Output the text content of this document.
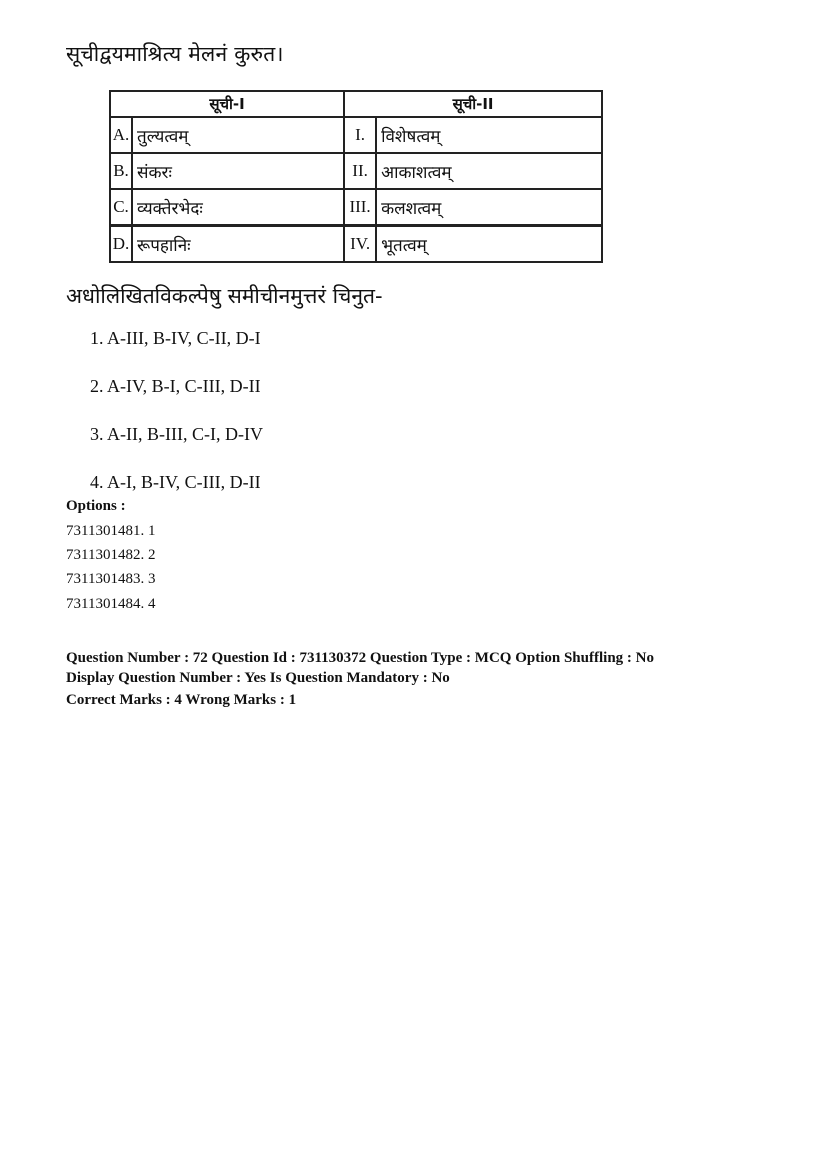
सूचीद्वयमाश्रित्य मेलनं कुरुत।
सूची-I		सूची-II	
A.	तुल्यत्वम्	I.	विशेषत्वम्
B.	संकरः	II.	आकाशत्वम्
C.	व्यक्तेरभेदः	III.	कलशत्वम्
D.	रूपहानिः	IV.	भूतत्वम्
अधोलिखितविकल्पेषु समीचीनमुत्तरं चिनुत-
1. A-III, B-IV, C-II, D-I
2. A-IV, B-I, C-III, D-II
3. A-II, B-III, C-I, D-IV
4. A-I, B-IV, C-III, D-II
Options :
7311301481. 1
7311301482. 2
7311301483. 3
7311301484. 4
Question Number : 72 Question Id : 731130372 Question Type : MCQ Option Shuffling : No
Display Question Number : Yes Is Question Mandatory : No
Correct Marks : 4 Wrong Marks : 1
